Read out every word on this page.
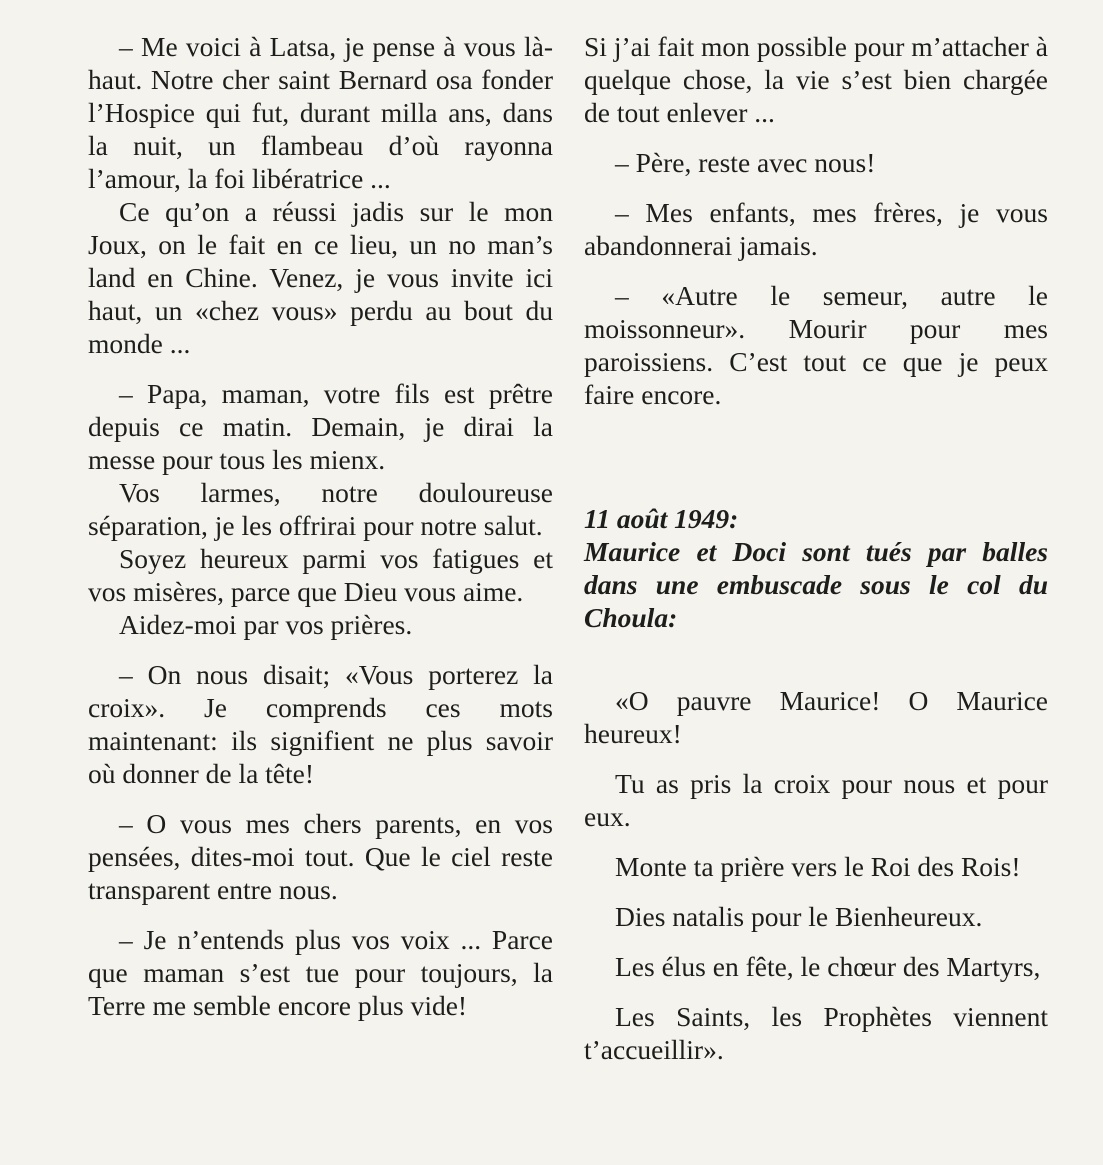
– Me voici à Latsa, je pense à vous là-haut. Notre cher saint Bernard osa fonder l’Hospice qui fut, durant milla ans, dans la nuit, un flambeau d’où rayonna l’amour, la foi libératrice ...

Ce qu’on a réussi jadis sur le mon Joux, on le fait en ce lieu, un no man’s land en Chine. Venez, je vous invite ici haut, un «chez vous» perdu au bout du monde ...

– Papa, maman, votre fils est prêtre depuis ce matin. Demain, je dirai la messe pour tous les mienx.

Vos larmes, notre douloureuse séparation, je les offrirai pour notre salut.

Soyez heureux parmi vos fatigues et vos misères, parce que Dieu vous aime.

Aidez-moi par vos prières.

– On nous disait; «Vous porterez la croix». Je comprends ces mots maintenant: ils signifient ne plus savoir où donner de la tête!

– O vous mes chers parents, en vos pensées, dites-moi tout. Que le ciel reste transparent entre nous.

– Je n’entends plus vos voix ... Parce que maman s’est tue pour toujours, la Terre me semble encore plus vide!

Si j’ai fait mon possible pour m’attacher à quelque chose, la vie s’est bien chargée de tout enlever ...

– Père, reste avec nous!

– Mes enfants, mes frères, je vous abandonnerai jamais.

– «Autre le semeur, autre le moissonneur». Mourir pour mes paroissiens. C’est tout ce que je peux faire encore.

11 août 1949:

Maurice et Doci sont tués par balles dans une embuscade sous le col du Choula:

«O pauvre Maurice! O Maurice heureux!

Tu as pris la croix pour nous et pour eux.

Monte ta prière vers le Roi des Rois!

Dies natalis pour le Bienheureux.

Les élus en fête, le chœur des Martyrs,

Les Saints, les Prophètes viennent t’accueillir».
